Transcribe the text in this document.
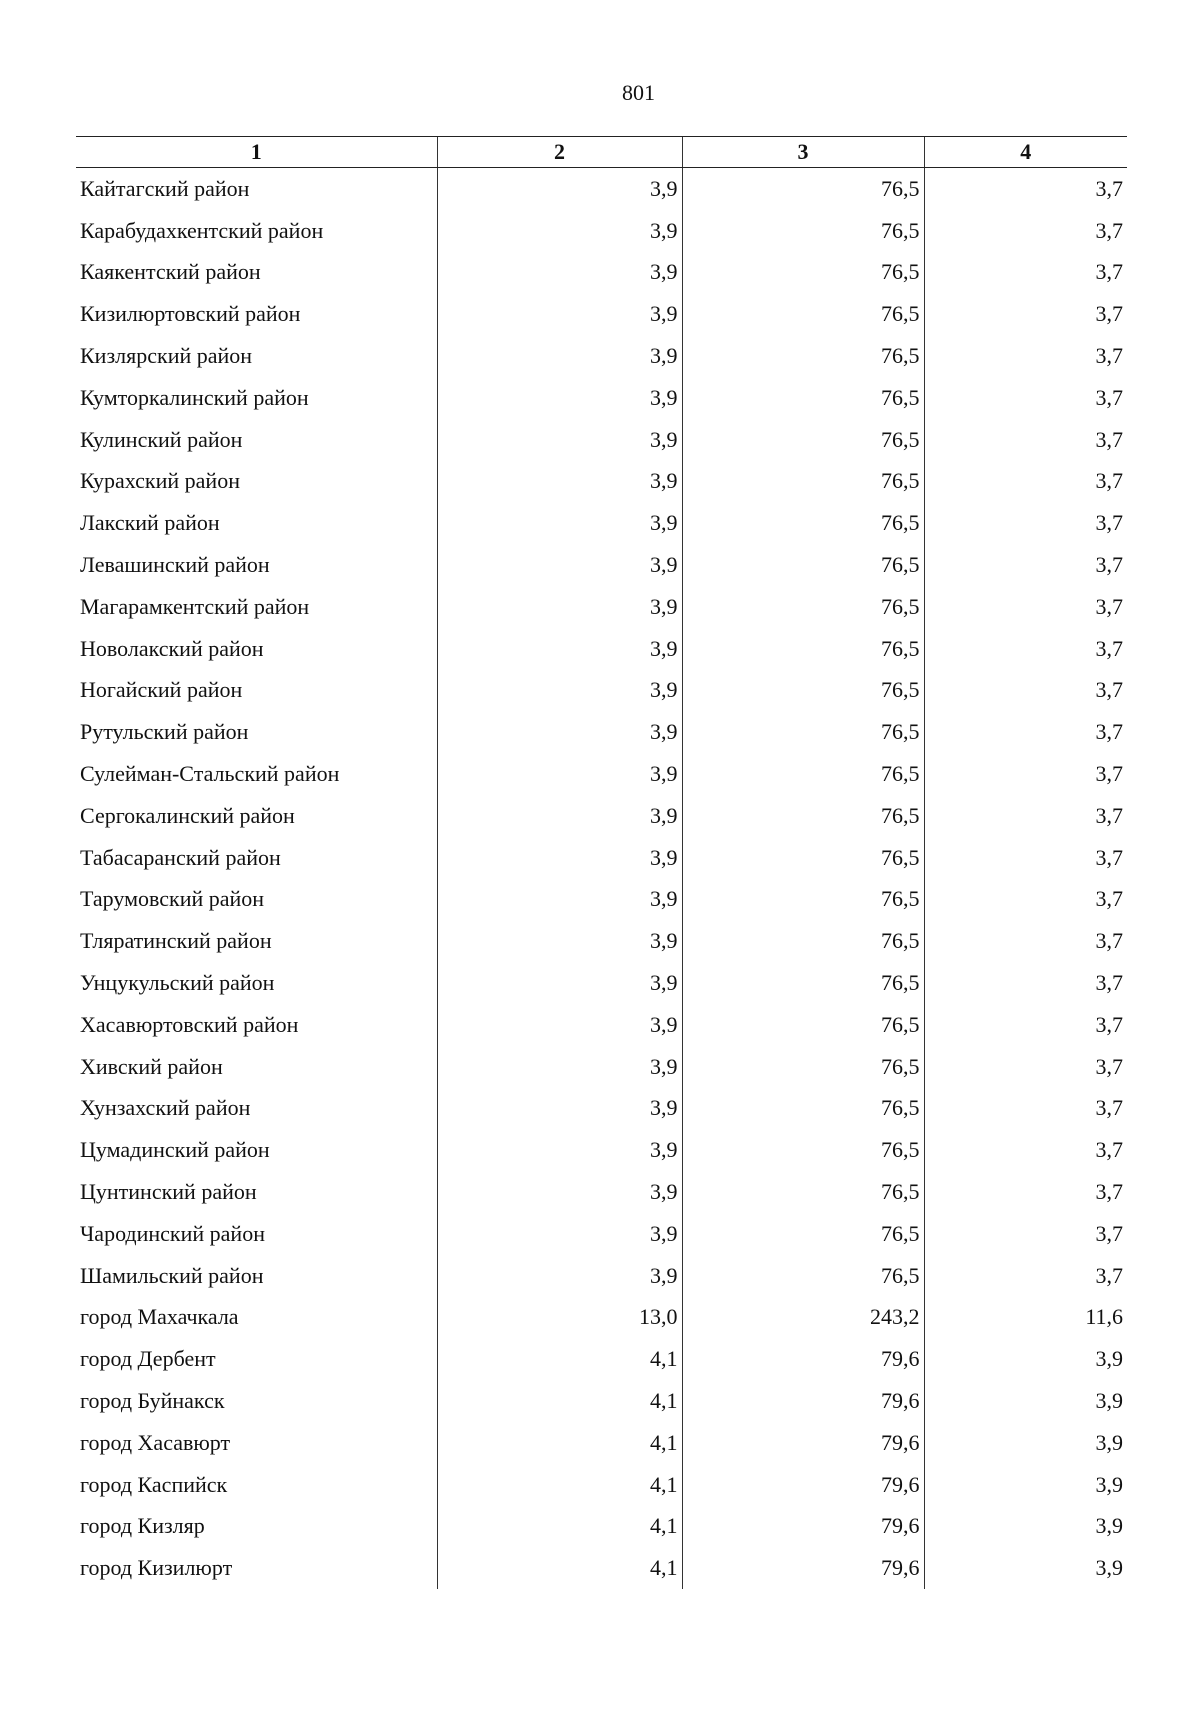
801
1	2	3	4
Кайтагский район	3,9	76,5	3,7
Карабудахкентский район	3,9	76,5	3,7
Каякентский район	3,9	76,5	3,7
Кизилюртовский район	3,9	76,5	3,7
Кизлярский район	3,9	76,5	3,7
Кумторкалинский район	3,9	76,5	3,7
Кулинский район	3,9	76,5	3,7
Курахский район	3,9	76,5	3,7
Лакский район	3,9	76,5	3,7
Левашинский район	3,9	76,5	3,7
Магарамкентский район	3,9	76,5	3,7
Новолакский район	3,9	76,5	3,7
Ногайский район	3,9	76,5	3,7
Рутульский район	3,9	76,5	3,7
Сулейман-Стальский район	3,9	76,5	3,7
Сергокалинский район	3,9	76,5	3,7
Табасаранский район	3,9	76,5	3,7
Тарумовский район	3,9	76,5	3,7
Тляратинский район	3,9	76,5	3,7
Унцукульский район	3,9	76,5	3,7
Хасавюртовский район	3,9	76,5	3,7
Хивский район	3,9	76,5	3,7
Хунзахский район	3,9	76,5	3,7
Цумадинский район	3,9	76,5	3,7
Цунтинский район	3,9	76,5	3,7
Чародинский район	3,9	76,5	3,7
Шамильский район	3,9	76,5	3,7
город Махачкала	13,0	243,2	11,6
город Дербент	4,1	79,6	3,9
город Буйнакск	4,1	79,6	3,9
город Хасавюрт	4,1	79,6	3,9
город Каспийск	4,1	79,6	3,9
город Кизляр	4,1	79,6	3,9
город Кизилюрт	4,1	79,6	3,9
